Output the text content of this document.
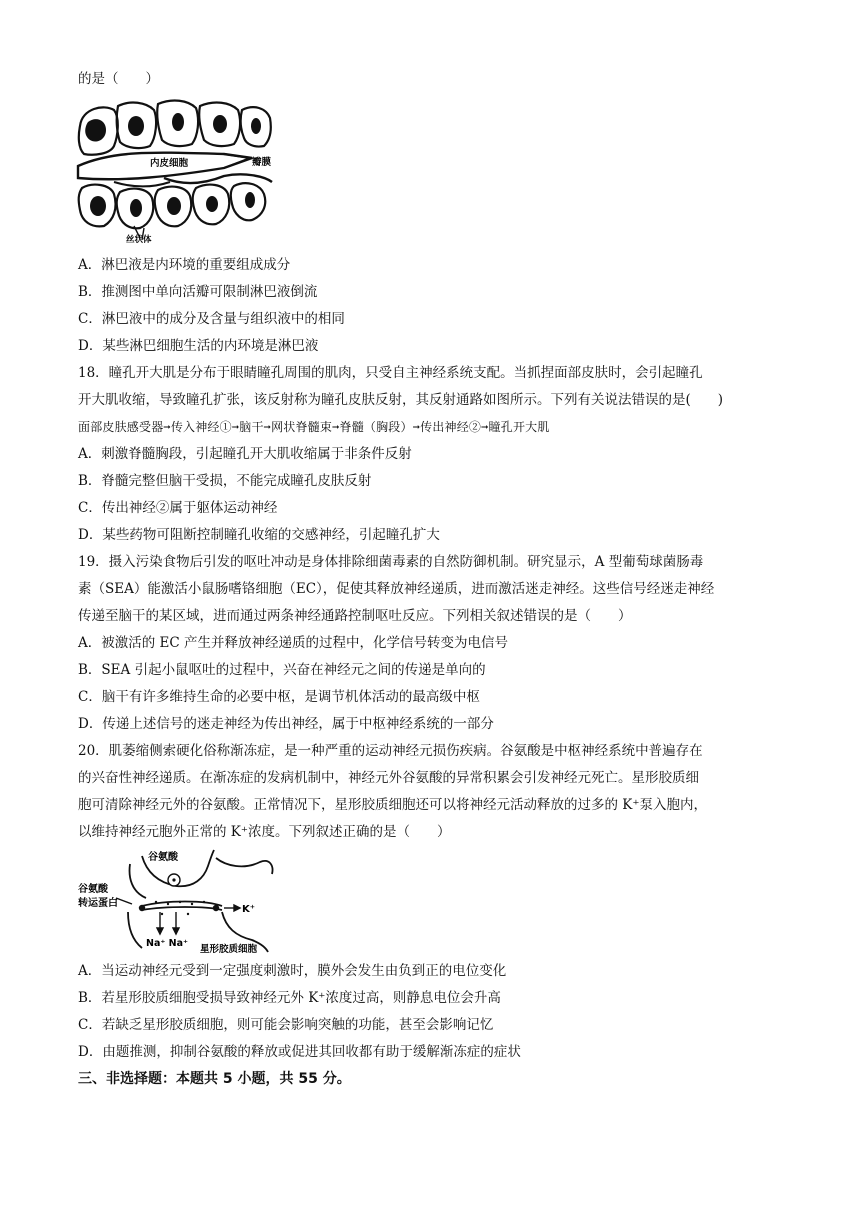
的是（　　）
内皮细胞	瓣膜
丝状体
A．淋巴液是内环境的重要组成成分
B．推测图中单向活瓣可限制淋巴液倒流
C．淋巴液中的成分及含量与组织液中的相同
D．某些淋巴细胞生活的内环境是淋巴液
18．瞳孔开大肌是分布于眼睛瞳孔周围的肌肉，只受自主神经系统支配。当抓捏面部皮肤时，会引起瞳孔
开大肌收缩，导致瞳孔扩张，该反射称为瞳孔皮肤反射，其反射通路如图所示。下列有关说法错误的是(　　)
面部皮肤感受器➞传入神经①➞脑干➞网状脊髓束➞脊髓（胸段）➞传出神经②➞瞳孔开大肌
A．刺激脊髓胸段，引起瞳孔开大肌收缩属于非条件反射
B．脊髓完整但脑干受损，不能完成瞳孔皮肤反射
C．传出神经②属于躯体运动神经
D．某些药物可阻断控制瞳孔收缩的交感神经，引起瞳孔扩大
19．摄入污染食物后引发的呕吐冲动是身体排除细菌毒素的自然防御机制。研究显示，A 型葡萄球菌肠毒
素（SEA）能激活小鼠肠嗜铬细胞（EC），促使其释放神经递质，进而激活迷走神经。这些信号经迷走神经
传递至脑干的某区域，进而通过两条神经通路控制呕吐反应。下列相关叙述错误的是（　　）
A．被激活的 EC 产生并释放神经递质的过程中，化学信号转变为电信号
B．SEA 引起小鼠呕吐的过程中，兴奋在神经元之间的传递是单向的
C．脑干有许多维持生命的必要中枢，是调节机体活动的最高级中枢
D．传递上述信号的迷走神经为传出神经，属于中枢神经系统的一部分
20．肌萎缩侧索硬化俗称渐冻症，是一种严重的运动神经元损伤疾病。谷氨酸是中枢神经系统中普遍存在
的兴奋性神经递质。在渐冻症的发病机制中，神经元外谷氨酸的异常积累会引发神经元死亡。星形胶质细
胞可清除神经元外的谷氨酸。正常情况下，星形胶质细胞还可以将神经元活动释放的过多的 K⁺泵入胞内，
以维持神经元胞外正常的 K⁺浓度。下列叙述正确的是（　　）
谷氨酸
谷氨酸
转运蛋白
K⁺
Na⁺ Na⁺
星形胶质细胞
A．当运动神经元受到一定强度刺激时，膜外会发生由负到正的电位变化
B．若星形胶质细胞受损导致神经元外 K⁺浓度过高，则静息电位会升高
C．若缺乏星形胶质细胞，则可能会影响突触的功能，甚至会影响记忆
D．由题推测，抑制谷氨酸的释放或促进其回收都有助于缓解渐冻症的症状
三、非选择题：本题共 5 小题，共 55 分。
